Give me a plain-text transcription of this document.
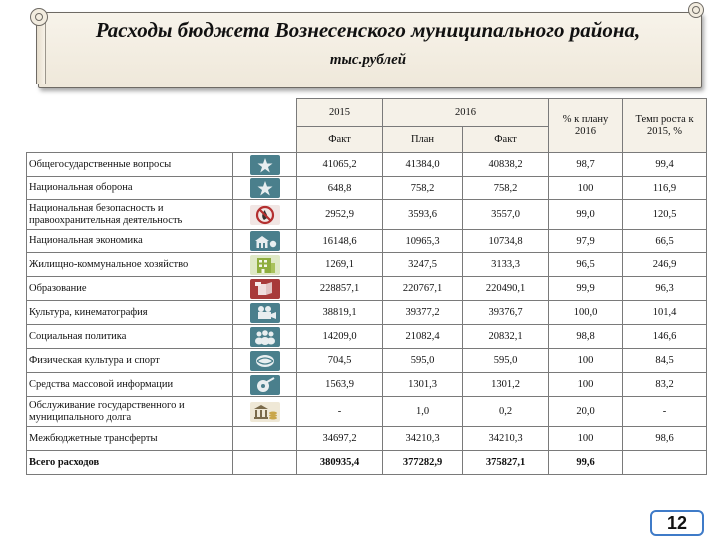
Расходы бюджета Вознесенского муниципального района,
тыс.рублей
		2015	2016		% к плану 2016	Темп роста к 2015, %
		Факт	План	Факт		
Общегосударственные вопросы		41065,2	41384,0	40838,2	98,7	99,4
Национальная оборона		648,8	758,2	758,2	100	116,9
Национальная безопасность и правоохранительная деятельность		2952,9	3593,6	3557,0	99,0	120,5
Национальная экономика		16148,6	10965,3	10734,8	97,9	66,5
Жилищно-коммунальное хозяйство		1269,1	3247,5	3133,3	96,5	246,9
Образование		228857,1	220767,1	220490,1	99,9	96,3
Культура, кинематография		38819,1	39377,2	39376,7	100,0	101,4
Социальная политика		14209,0	21082,4	20832,1	98,8	146,6
Физическая культура и спорт		704,5	595,0	595,0	100	84,5
Средства массовой информации		1563,9	1301,3	1301,2	100	83,2
Обслуживание государственного и муниципального долга		-	1,0	0,2	20,0	-
Межбюджетные трансферты		34697,2	34210,3	34210,3	100	98,6
Всего расходов		380935,4	377282,9	375827,1	99,6	
12
